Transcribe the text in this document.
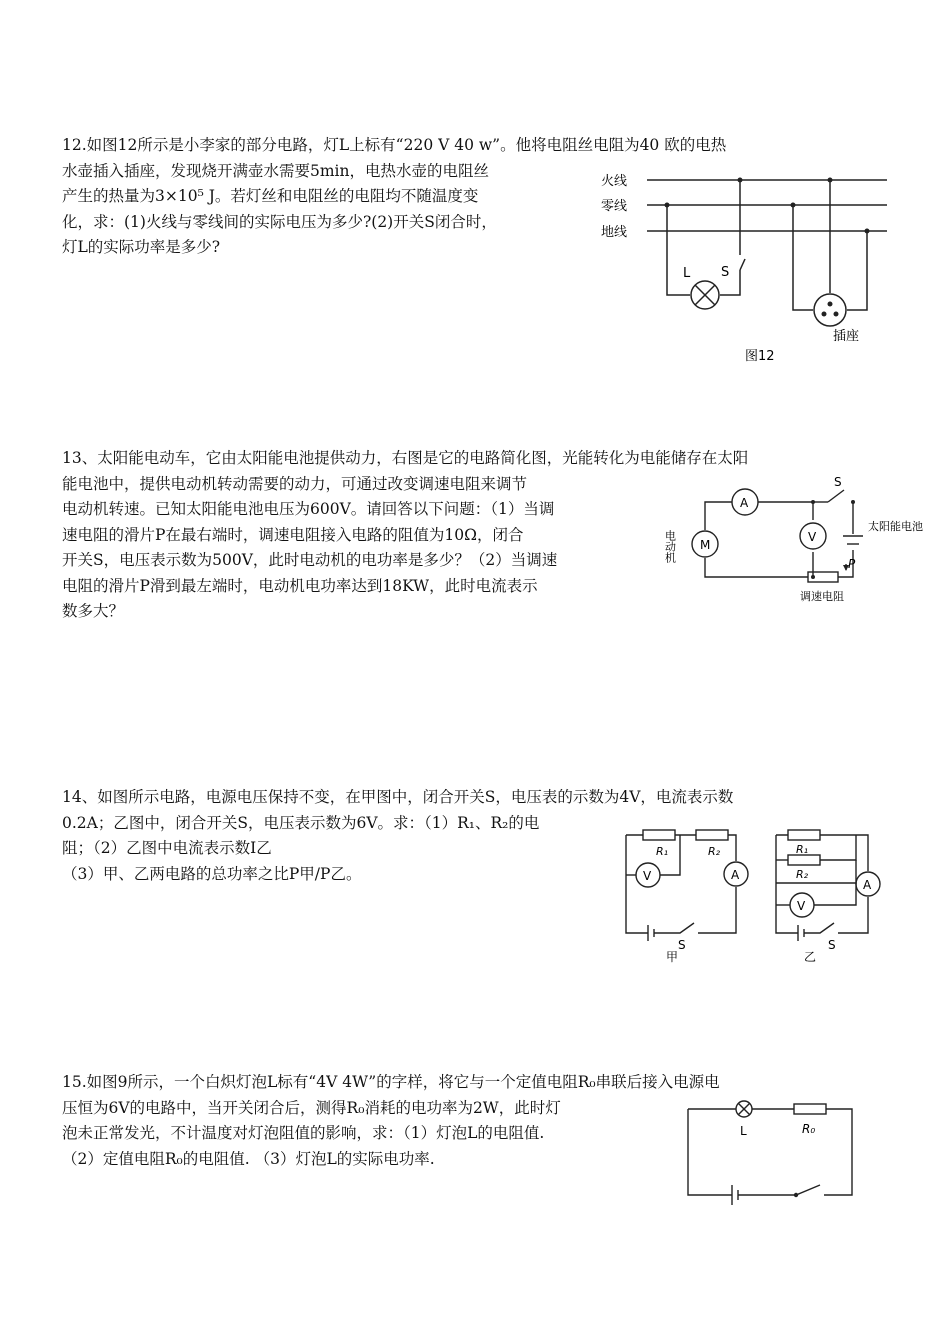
12.如图12所示是小李家的部分电路，灯L上标有“220 V 40 w”。他将电阻丝电阻为40 欧的电热
水壶插入插座，发现烧开满壶水需要5min，电热水壶的电阻丝
产生的热量为3×10⁵ J。若灯丝和电阻丝的电阻均不随温度变
化，求：(1)火线与零线间的实际电压为多少?(2)开关S闭合时，
灯L的实际功率是多少?
火线
零线
地线
S
L
插座
图12
13、太阳能电动车，它由太阳能电池提供动力，右图是它的电路简化图，光能转化为电能储存在太阳
能电池中，提供电动机转动需要的动力，可通过改变调速电阻来调节
电动机转速。已知太阳能电池电压为600V。请回答以下问题：（1）当调
速电阻的滑片P在最右端时，调速电阻接入电路的阻值为10Ω，闭合
开关S，电压表示数为500V，此时电动机的电功率是多少？（2）当调速
电阻的滑片P滑到最左端时，电动机电功率达到18KW，此时电流表示
数多大？
A
M
V
S
P
电动机
太阳能电池
调速电阻
14、如图所示电路，电源电压保持不变，在甲图中，闭合开关S，电压表的示数为4V，电流表示数
0.2A；乙图中，闭合开关S，电压表示数为6V。求：（1）R₁、R₂的电
阻；（2）乙图中电流表示数I乙
（3）甲、乙两电路的总功率之比P甲/P乙。
R₁	R₂
A
V
S
甲
R₁
R₂
A
V
S
乙
15.如图9所示，一个白炽灯泡L标有“4V 4W”的字样，将它与一个定值电阻R₀串联后接入电源电
压恒为6V的电路中，当开关闭合后，测得R₀消耗的电功率为2W，此时灯
泡未正常发光，不计温度对灯泡阻值的影响，求：（1）灯泡L的电阻值.
（2）定值电阻R₀的电阻值. （3）灯泡L的实际电功率.
L	R₀
